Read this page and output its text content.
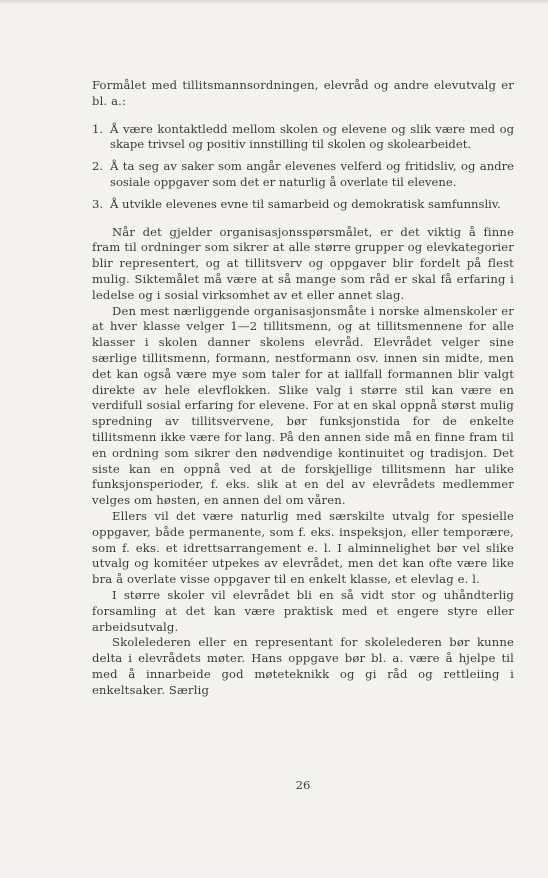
Formålet med tillitsmannsordningen, elevråd og andre elevutvalg er bl. a.:

1. Å være kontaktledd mellom skolen og elevene og slik være med og skape trivsel og positiv innstilling til skolen og skolearbeidet.
2. Å ta seg av saker som angår elevenes velferd og fritidsliv, og andre sosiale oppgaver som det er naturlig å overlate til elevene.
3. Å utvikle elevenes evne til samarbeid og demokratisk samfunnsliv.

Når det gjelder organisasjonsspørsmålet, er det viktig å finne fram til ordninger som sikrer at alle større grupper og elevkategorier blir representert, og at tillitsverv og oppgaver blir fordelt på flest mulig. Siktemålet må være at så mange som råd er skal få erfaring i ledelse og i sosial virksomhet av et eller annet slag.

Den mest nærliggende organisasjonsmåte i norske almenskoler er at hver klasse velger 1—2 tillitsmenn, og at tillitsmennene for alle klasser i skolen danner skolens elevråd. Elevrådet velger sine særlige tillitsmenn, formann, nestformann osv. innen sin midte, men det kan også være mye som taler for at iallfall formannen blir valgt direkte av hele elevflokken. Slike valg i større stil kan være en verdifull sosial erfaring for elevene. For at en skal oppnå størst mulig spredning av tillitsvervene, bør funksjonstida for de enkelte tillitsmenn ikke være for lang. På den annen side må en finne fram til en ordning som sikrer den nødvendige kontinuitet og tradisjon. Det siste kan en oppnå ved at de forskjellige tillitsmenn har ulike funksjonsperioder, f. eks. slik at en del av elevrådets medlemmer velges om høsten, en annen del om våren.

Ellers vil det være naturlig med særskilte utvalg for spesielle oppgaver, både permanente, som f. eks. inspeksjon, eller temporære, som f. eks. et idrettsarrangement e. l. I alminnelighet bør vel slike utvalg og komitéer utpekes av elevrådet, men det kan ofte være like bra å overlate visse oppgaver til en enkelt klasse, et elevlag e. l.

I større skoler vil elevrådet bli en så vidt stor og uhåndterlig forsamling at det kan være praktisk med et engere styre eller arbeidsutvalg.

Skolelederen eller en representant for skolelederen bør kunne delta i elevrådets møter. Hans oppgave bør bl. a. være å hjelpe til med å innarbeide god møteteknikk og gi råd og rettleiing i enkeltsaker. Særlig

26
